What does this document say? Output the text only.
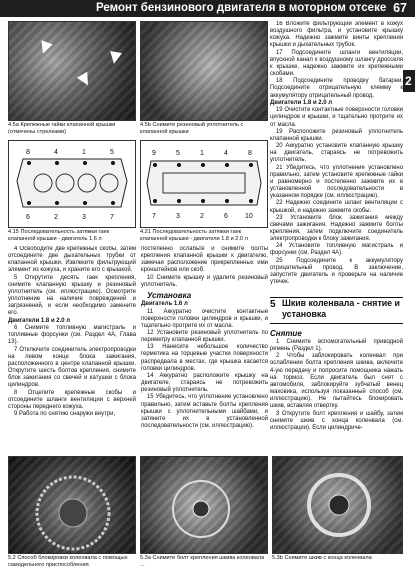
Ремонт бензинового двигателя в моторном отсеке 67
2
4.5a Крепежные гайки клапанной крышки (отмечены стрелками)
4.5b Снимите резиновый уплотнитель с клапанной крышки
8	4	1	5
6	2	3	7
4.15 Последовательность затяжки гаек клапанной крышки - двигатель 1.6 л
9	5	1	4	8
7	3	2	6 10
4.21 Последовательность затяжки гаек клапанной крышки - двигатели 1.8 и 2.0 л

4 Освободите две крепежных скобы, затем отсоедините две дыхательных трубки от клапанной крышки. Извлеките фильтрующий элемент из кожуха, и храните его с крышкой.

5 Открутите десять гаек крепления, снимите клапанную крышку и резиновый уплотнитель (см. иллюстрацию). Осмотрите уплотнение на наличие повреждений и загрязнений, и если необходимо замените его.

Двигатели 1.8 и 2.0 л

6 Снимите топливную магистраль и топливные форсунки (см. Раздел 4А, Глава 13).

7 Отключите соединитель электропроводки на левом конце блока зажигания, расположенного в центре клапанной крышки. Открутите шесть болтов крепления, снимите блок зажигания со свечей и катушки с блока цилиндров.

8 Отцепите крепежные скобы и отсоедините шланги вентиляции с верхней стороны переднего кожуха.

9 Работа по снятию снаружи внутри,

постепенно ослабьте и снимите болты крепления клапанной крышки к двигателю, замечая расположение прикрепленных ими кронштейнов или скоб.

10 Снимите крышку и удалите резиновый уплотнитель.

Установка

Двигатель 1.6 л

11 Аккуратно очистите контактные поверхности головки цилиндров и крышки, и тщательно протрите их от масла.

12 Установите резиновый уплотнитель по периметру клапанной крышки.

13 Нанесите небольшое количество герметика на торцевые участки поверхности распредвала в местах, где крышка касается головки цилиндров.

14 Аккуратно расположите крышку на двигателе, стараясь не потревожить резиновый уплотнитель.

15 Убедитесь, что уплотнение установлено правильно, затем вставьте болты крепления крышки с уплотнительными шайбами, и затяните их в установленной последовательности (см. иллюстрацию).

16 Вложите фильтрующий элемент в кожух воздушного фильтра, и установите крышку кожуха. Надежно зажмите винты крепления крышки и дыхательных трубок.

17 Подсоедините шланги вентиляции, впускной канал к воздушному шлангу дросселя к крышке, надежно зажмите их крепежными скобами.

18 Подсоедините проводку батареи. Подсоедините отрицательную клемму к аккумулятору отрицательный провод.

Двигатели 1.8 и 2.0 л

19 Очистите контактные поверхности головки цилиндров и крышки, и тщательно протрите их от масла.

19 Расположите резиновый уплотнитель клапанной крышки.

20 Аккуратно установите клапанную крышку на двигатель, стараясь не потревожить уплотнитель.

21 Убедитесь, что уплотнение установлено правильно, затем установите крепежные гайки и равномерно и постепенно зажмите их в установленной последовательности в указанном порядке (см. иллюстрацию).

22 Надежно соедините шланг вентиляции с крышкой, и надежно зажмите скобы.

23 Установите блок зажигания между свечами зажигания. Надежно зажмите болты крепления, затем подключите соединитель электропроводки к блоку зажигания.

24 Установите топливную магистраль и форсунки (см. Раздел 4А).

25 Подсоедините к аккумулятору отрицательный провод. В заключение, запустите двигатель и проверьте на наличие утечек.

5 Шкив коленвала - снятие и установка

Снятие

1 Снимите вспомогательный приводной ремень (Раздел 1).

2 Чтобы заблокировать коленвал при ослаблении болта крепления шкива, включите 4-ую передачу и попросите помощника нажать на тормоз. Если двигатель был снят с автомобиля, заблокируйте зубчатый венец маховика, используя показанный способ (см. иллюстрацию). Не пытайтесь блокировать шкив, вставляя отвертку.

3 Открутите болт крепления и шайбу, затем снимите шкив с конца коленвала (см. иллюстрации). Если цилиндриче-

5.2 Способ блокировки коленвала с помощью самодельного приспособления
5.3a Снимите болт крепления шкива коленвала ...
5.3b Снимите шкив с конца коленвала
